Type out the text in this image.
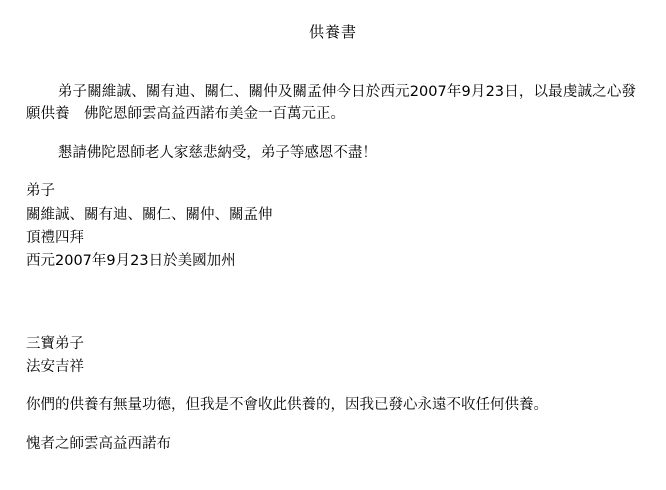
供養書

弟子關維誠、關有迪、關仁、關仲及關孟伸今日於西元2007年9月23日，以最虔誠之心發願供養　佛陀恩師雲高益西諾布美金一百萬元正。

懇請佛陀恩師老人家慈悲納受，弟子等感恩不盡！

弟子
關維誠、關有迪、關仁、關仲、關孟伸
頂禮四拜
西元2007年9月23日於美國加州
三寶弟子
法安吉祥

你們的供養有無量功德，但我是不會收此供養的，因我已發心永遠不收任何供養。

愧者之師雲高益西諾布
